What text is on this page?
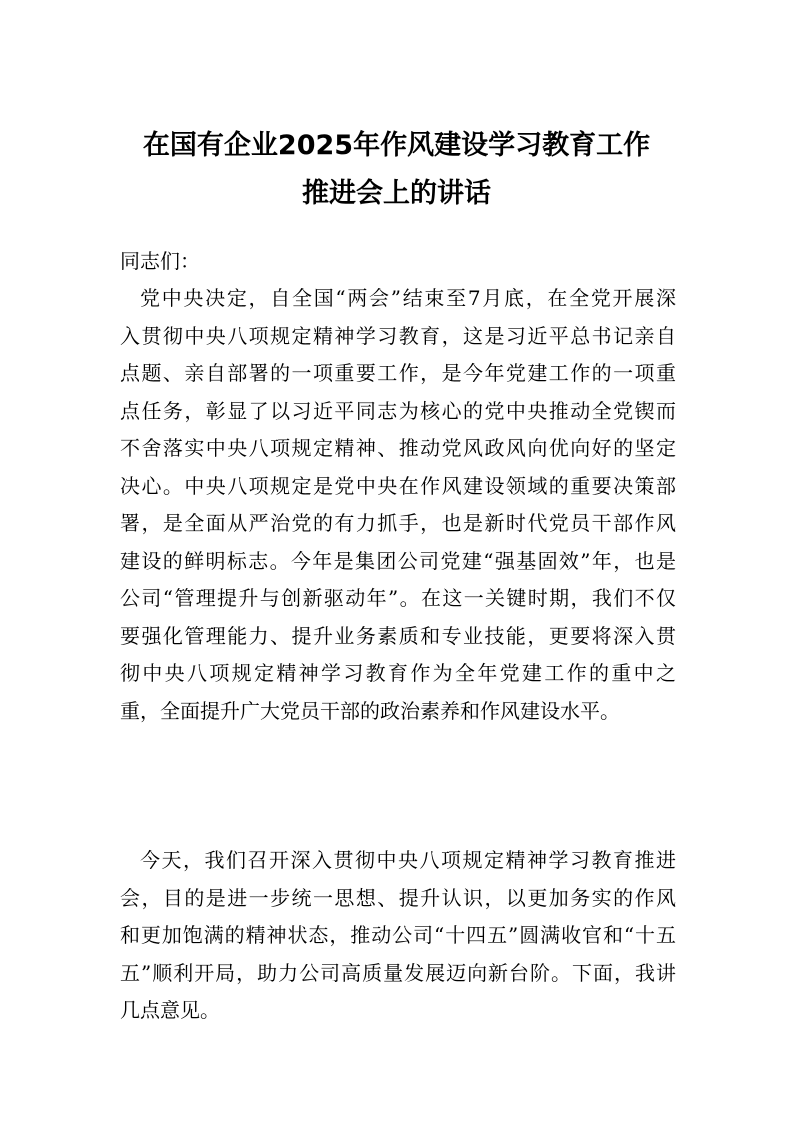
在国有企业2025年作风建设学习教育工作
推进会上的讲话
同志们：
党中央决定，自全国“两会”结束至7月底，在全党开展深
入贯彻中央八项规定精神学习教育，这是习近平总书记亲自
点题、亲自部署的一项重要工作，是今年党建工作的一项重
点任务，彰显了以习近平同志为核心的党中央推动全党锲而
不舍落实中央八项规定精神、推动党风政风向优向好的坚定
决心。中央八项规定是党中央在作风建设领域的重要决策部
署，是全面从严治党的有力抓手，也是新时代党员干部作风
建设的鲜明标志。今年是集团公司党建“强基固效”年，也是
公司“管理提升与创新驱动年”。在这一关键时期，我们不仅
要强化管理能力、提升业务素质和专业技能，更要将深入贯
彻中央八项规定精神学习教育作为全年党建工作的重中之
重，全面提升广大党员干部的政治素养和作风建设水平。
今天，我们召开深入贯彻中央八项规定精神学习教育推进
会，目的是进一步统一思想、提升认识，以更加务实的作风
和更加饱满的精神状态，推动公司“十四五”圆满收官和“十五
五”顺利开局，助力公司高质量发展迈向新台阶。下面，我讲
几点意见。
